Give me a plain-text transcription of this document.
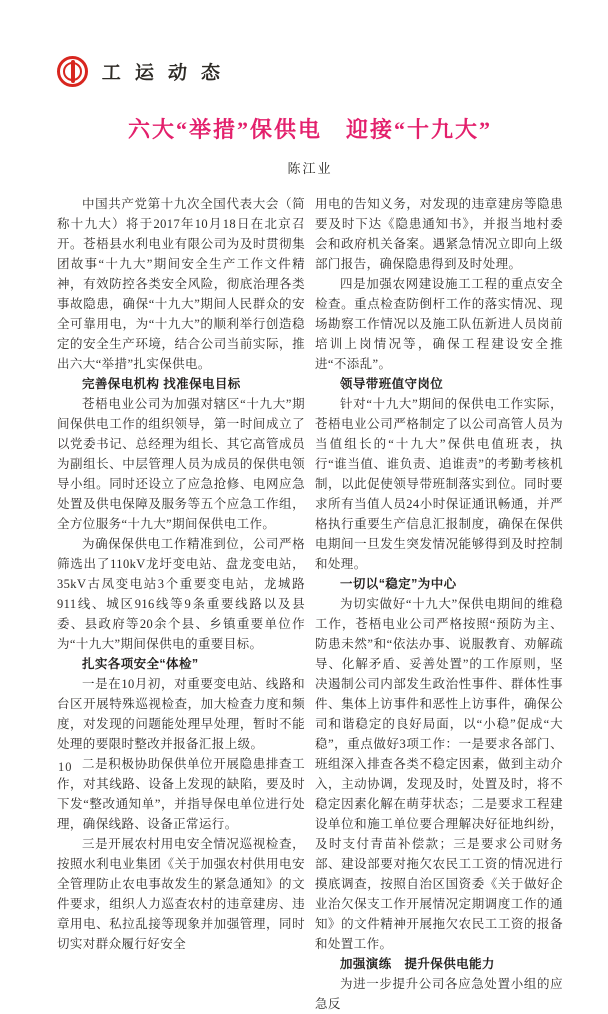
工运动态
六大“举措”保供电　迎接“十九大”
陈江业

中国共产党第十九次全国代表大会（简称十九大）将于2017年10月18日在北京召开。苍梧县水利电业有限公司为及时贯彻集团故事“十九大”期间安全生产工作文件精神，有效防控各类安全风险，彻底治理各类事故隐患，确保“十九大”期间人民群众的安全可靠用电，为“十九大”的顺利举行创造稳定的安全生产环境，结合公司当前实际，推出六大“举措”扎实保供电。

完善保电机构 找准保电目标

苍梧电业公司为加强对辖区“十九大”期间保供电工作的组织领导，第一时间成立了以党委书记、总经理为组长、其它高管成员为副组长、中层管理人员为成员的保供电领导小组。同时还设立了应急抢修、电网应急处置及供电保障及服务等五个应急工作组，全方位服务“十九大”期间保供电工作。

为确保保供电工作精准到位，公司严格筛选出了110kV龙圩变电站、盘龙变电站，35kV古凤变电站3个重要变电站，龙城路911线、城区916线等9条重要线路以及县委、县政府等20余个县、乡镇重要单位作为“十九大”期间保供电的重要目标。

扎实各项安全“体检”

一是在10月初，对重要变电站、线路和台区开展特殊巡视检查，加大检查力度和频度，对发现的问题能处理早处理，暂时不能处理的要限时整改并报备汇报上级。

二是积极协助保供单位开展隐患排查工作，对其线路、设备上发现的缺陷，要及时下发“整改通知单”，并指导保电单位进行处理，确保线路、设备正常运行。

三是开展农村用电安全情况巡视检查，按照水利电业集团《关于加强农村供用电安全管理防止农电事故发生的紧急通知》的文件要求，组织人力巡查农村的违章建房、违章用电、私拉乱接等现象并加强管理，同时切实对群众履行好安全

用电的告知义务，对发现的违章建房等隐患要及时下达《隐患通知书》，并报当地村委会和政府机关备案。遇紧急情况立即向上级部门报告，确保隐患得到及时处理。

四是加强农网建设施工工程的重点安全检查。重点检查防倒杆工作的落实情况、现场勘察工作情况以及施工队伍新进人员岗前培训上岗情况等，确保工程建设安全推进“不添乱”。

领导带班值守岗位

针对“十九大”期间的保供电工作实际，苍梧电业公司严格制定了以公司高管人员为当值组长的“十九大”保供电值班表，执行“谁当值、谁负责、追谁责”的考勤考核机制，以此促使领导带班制落实到位。同时要求所有当值人员24小时保证通讯畅通，并严格执行重要生产信息汇报制度，确保在保供电期间一旦发生突发情况能够得到及时控制和处理。

一切以“稳定”为中心

为切实做好“十九大”保供电期间的维稳工作，苍梧电业公司严格按照“预防为主、防患未然”和“依法办事、说服教育、劝解疏导、化解矛盾、妥善处置”的工作原则，坚决遏制公司内部发生政治性事件、群体性事件、集体上访事件和恶性上访事件，确保公司和谐稳定的良好局面，以“小稳”促成“大稳”，重点做好3项工作：一是要求各部门、班组深入排查各类不稳定因素，做到主动介入，主动协调，发现及时，处置及时，将不稳定因素化解在萌芽状态；二是要求工程建设单位和施工单位要合理解决好征地纠纷，及时支付青苗补偿款；三是要求公司财务部、建设部要对拖欠农民工工资的情况进行摸底调查，按照自治区国资委《关于做好企业治欠保支工作开展情况定期调度工作的通知》的文件精神开展拖欠农民工工资的报备和处置工作。

加强演练　提升保供电能力

为进一步提升公司各应急处置小组的应急反

10
